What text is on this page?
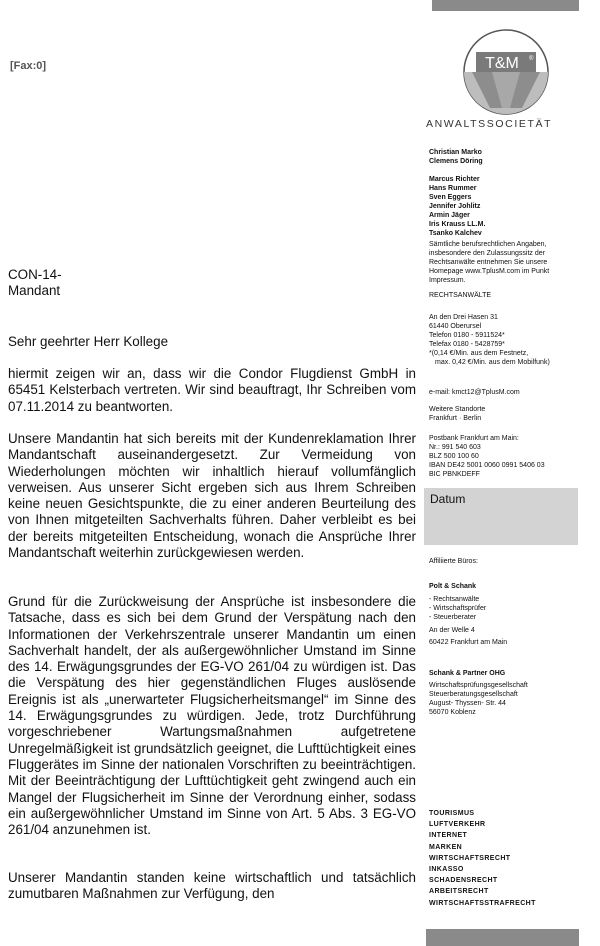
[Fax:0]	T&M ®
ANWALTSSOCIETÄT
Christian Marko
Clemens Döring
Marcus Richter
Hans Rummer
Sven Eggers
Jennifer Johlitz
Armin Jäger
Iris Krauss LL.M.
Tsanko Kalchev
Sämtliche berufsrechtlichen Angaben, insbesondere den Zulassungssitz der Rechtsanwälte entnehmen Sie unsere Homepage www.TplusM.com im Punkt Impressum.
RECHTSANWÄLTE
An den Drei Hasen 31
61440 Oberursel
Telefon 0180 - 5911524*
Telefax 0180 - 5428759*
*(0,14 €/Min. aus dem Festnetz,
max. 0,42 €/Min. aus dem Mobilfunk)
e-mail: kmct12@TplusM.com
Weitere Standorte
Frankfurt · Berlin
Postbank Frankfurt am Main:
Nr.: 991 540 603
BLZ 500 100 60
IBAN DE42 5001 0060 0991 5406 03
BIC PBNKDEFF
Datum
Affiliierte Büros:
Polt & Schank
- Rechtsanwälte
- Wirtschaftsprüfer
- Steuerberater
An der Welle 4
60422 Frankfurt am Main
Schank & Partner OHG
Wirtschaftsprüfungsgesellschaft
Steuerberatungsgesellschaft
August- Thyssen- Str. 44
56070 Koblenz
TOURISMUS
LUFTVERKEHR
INTERNET
MARKEN
WIRTSCHAFTSRECHT
INKASSO
SCHADENSRECHT
ARBEITSRECHT
WIRTSCHAFTSSTRAFRECHT
CON-14-
Mandant
Sehr geehrter Herr Kollege
hiermit zeigen wir an, dass wir die Condor Flugdienst GmbH in 65451 Kelsterbach vertreten. Wir sind beauftragt, Ihr Schreiben vom 07.11.2014 zu beantworten.
Unsere Mandantin hat sich bereits mit der Kundenreklamation Ihrer Mandantschaft auseinandergesetzt. Zur Vermeidung von Wiederholungen möchten wir inhaltlich hierauf vollumfänglich verweisen. Aus unserer Sicht ergeben sich aus Ihrem Schreiben keine neuen Gesichtspunkte, die zu einer anderen Beurteilung des von Ihnen mitgeteilten Sachverhalts führen. Daher verbleibt es bei der bereits mitgeteilten Entscheidung, wonach die Ansprüche Ihrer Mandantschaft weiterhin zurückgewiesen werden.
Grund für die Zurückweisung der Ansprüche ist insbesondere die Tatsache, dass es sich bei dem Grund der Verspätung nach den Informationen der Verkehrszentrale unserer Mandantin um einen Sachverhalt handelt, der als außergewöhnlicher Umstand im Sinne des 14. Erwägungsgrundes der EG-VO 261/04 zu würdigen ist. Das die Verspätung des hier gegenständlichen Fluges auslösende Ereignis ist als „unerwarteter Flugsicherheitsmangel“ im Sinne des 14. Erwägungsgrundes zu würdigen. Jede, trotz Durchführung vorgeschriebener Wartungsmaßnahmen aufgetretene Unregelmäßigkeit ist grundsätzlich geeignet, die Lufttüchtigkeit eines Fluggerätes im Sinne der nationalen Vorschriften zu beeinträchtigen. Mit der Beeinträchtigung der Lufttüchtigkeit geht zwingend auch ein Mangel der Flugsicherheit im Sinne der Verordnung einher, sodass ein außergewöhnlicher Umstand im Sinne von Art. 5 Abs. 3 EG-VO 261/04 anzunehmen ist.
Unserer Mandantin standen keine wirtschaftlich und tatsächlich zumutbaren Maßnahmen zur Verfügung, den
